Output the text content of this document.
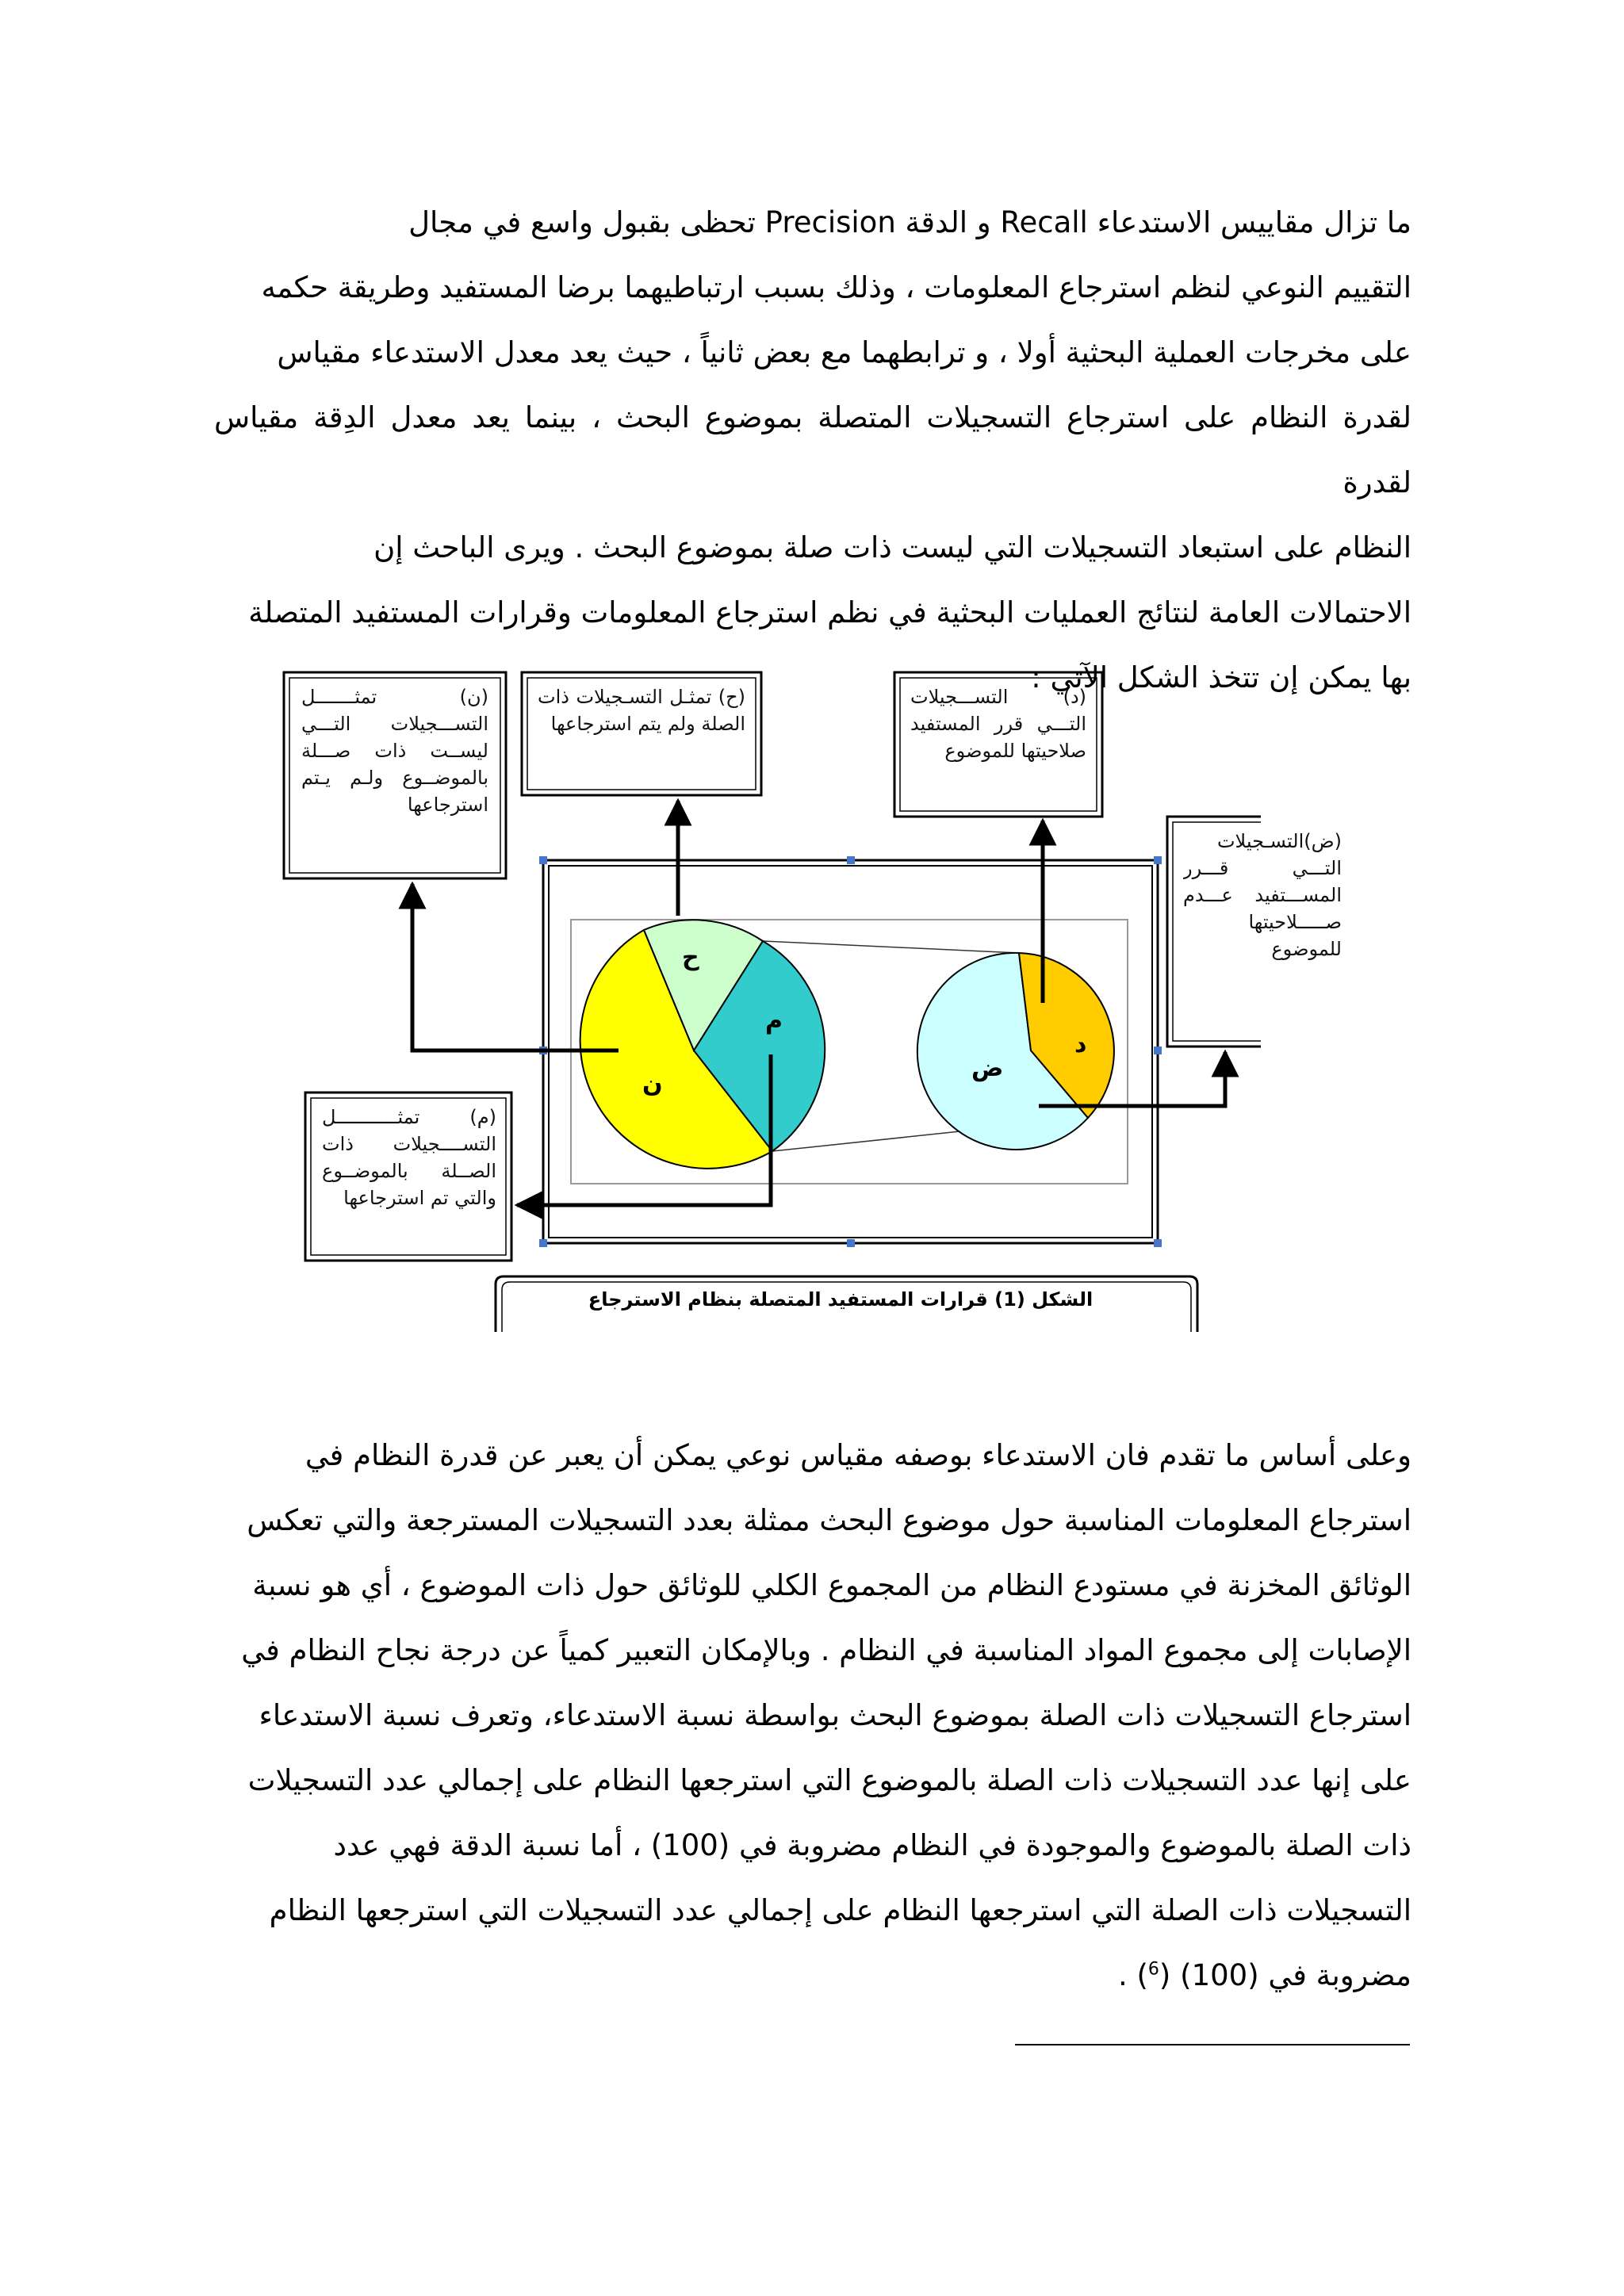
ما تزال مقاييس الاستدعاء Recall و الدقة Precision تحظى بقبول واسع في مجال

التقييم النوعي لنظم استرجاع المعلومات ، وذلك بسبب ارتباطيهما برضا المستفيد وطريقة حكمه

على مخرجات العملية البحثية أولا ، و ترابطهما مع بعض ثانياً ، حيث يعد معدل الاستدعاء مقياس

لقدرة النظام على استرجاع التسجيلات المتصلة بموضوع البحث ، بينما يعد معدل الدِقة مقياس لقدرة

النظام على استبعاد التسجيلات التي ليست ذات صلة بموضوع البحث . ويرى الباحث إن

الاحتمالات العامة لنتائج العمليات البحثية في نظم استرجاع المعلومات وقرارات المستفيد المتصلة

بها يمكن إن تتخذ الشكل الآتي :

(ن) تمثـــــــل التســـجيلات التـــي ليســت ذات صـــلة بالموضــوع ولـم يـتم استرجاعها
(ح) تمثـل التسـجيلات ذات الصلة ولم يتم استرجاعها
(د) التســـجيلات التـــي قرر المستفيد صلاحيتها للموضوع
(ض)التسـجيلات التـــي قـــرر المســـتفيد عـــدم صـــــلاحيتها للموضوع
(م) تمثـــــــــــل التســــجيلات ذات الصــلة بالموضــوع والتي تم استرجاعها
ن
ح
م
د
ض
الشكل (1) قرارات المستفيد المتصلة بنظام الاسترجاع

وعلى أساس ما تقدم فان الاستدعاء بوصفه مقياس نوعي يمكن أن يعبر عن قدرة النظام في

استرجاع المعلومات المناسبة حول موضوع البحث ممثلة بعدد التسجيلات المسترجعة والتي تعكس

الوثائق المخزنة في مستودع النظام من المجموع الكلي للوثائق حول ذات الموضوع ، أي هو نسبة

الإصابات إلى مجموع المواد المناسبة في النظام . وبالإمكان التعبير كمياً عن درجة نجاح النظام في

استرجاع التسجيلات ذات الصلة بموضوع البحث بواسطة نسبة الاستدعاء، وتعرف نسبة الاستدعاء

على إنها عدد التسجيلات ذات الصلة بالموضوع التي استرجعها النظام على إجمالي عدد التسجيلات

ذات الصلة بالموضوع والموجودة في النظام مضروبة في (100) ، أما نسبة الدقة فهي عدد

التسجيلات ذات الصلة التي استرجعها النظام على إجمالي عدد التسجيلات التي استرجعها النظام

مضروبة في (100) ($^6$) .
